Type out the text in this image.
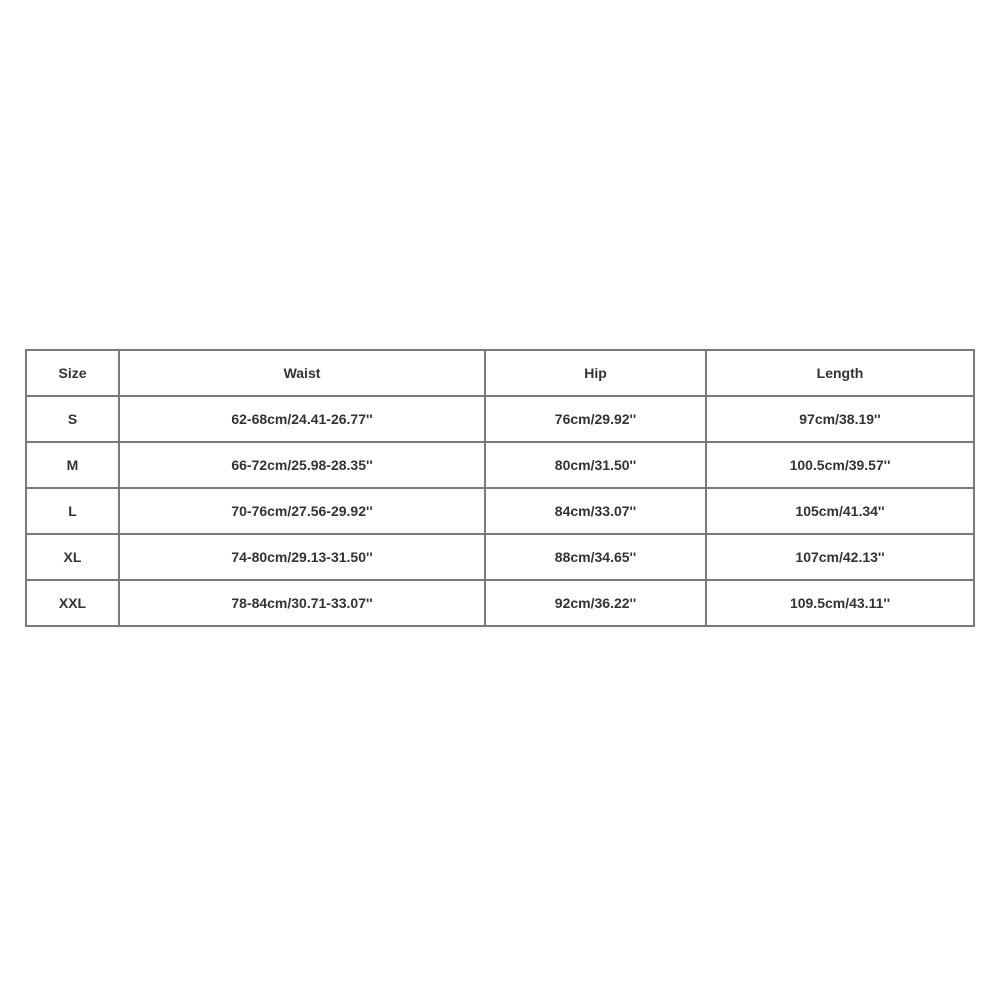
Size	Waist	Hip	Length
S	62-68cm/24.41-26.77''	76cm/29.92''	97cm/38.19''
M	66-72cm/25.98-28.35''	80cm/31.50''	100.5cm/39.57''
L	70-76cm/27.56-29.92''	84cm/33.07''	105cm/41.34''
XL	74-80cm/29.13-31.50''	88cm/34.65''	107cm/42.13''
XXL	78-84cm/30.71-33.07''	92cm/36.22''	109.5cm/43.11''
